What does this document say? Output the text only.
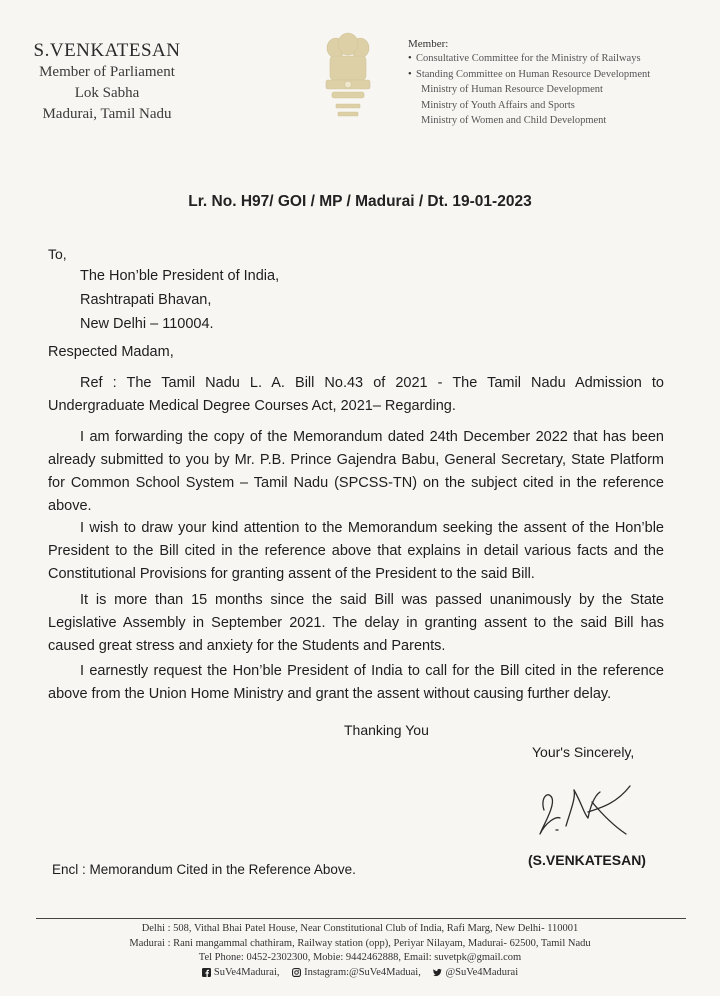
S.VENKATESAN
Member of Parliament
Lok Sabha
Madurai, Tamil Nadu
Member:
• Consultative Committee for the Ministry of Railways
• Standing Committee on Human Resource Development
Ministry of Human Resource Development
Ministry of Youth Affairs and Sports
Ministry of Women and Child Development
Lr. No. H97/ GOI / MP / Madurai / Dt. 19-01-2023
To,
The Hon’ble President of India,
Rashtrapati Bhavan,
New Delhi – 110004.
Respected Madam,
Ref : The Tamil Nadu L. A. Bill No.43 of 2021 - The Tamil Nadu Admission to Undergraduate Medical Degree Courses Act, 2021– Regarding.
I am forwarding the copy of the Memorandum dated 24th December 2022 that has been already submitted to you by Mr. P.B. Prince Gajendra Babu, General Secretary, State Platform for Common School System – Tamil Nadu (SPCSS-TN) on the subject cited in the reference above.
I wish to draw your kind attention to the Memorandum seeking the assent of the Hon’ble President to the Bill cited in the reference above that explains in detail various facts and the Constitutional Provisions for granting assent of the President to the said Bill.
It is more than 15 months since the said Bill was passed unanimously by the State Legislative Assembly in September 2021. The delay in granting assent to the said Bill has caused great stress and anxiety for the Students and Parents.
I earnestly request the Hon’ble President of India to call for the Bill cited in the reference above from the Union Home Ministry and grant the assent without causing further delay.
Thanking You
Your's Sincerely,
(S.VENKATESAN)
Encl : Memorandum Cited in the Reference Above.
Delhi : 508, Vithal Bhai Patel House, Near Constitutional Club of India, Rafi Marg, New Delhi- 110001
Madurai : Rani mangammal chathiram, Railway station (opp), Periyar Nilayam, Madurai- 62500, Tamil Nadu
Tel Phone: 0452-2302300, Mobie: 9442462888, Email: suvetpk@gmail.com
SuVe4Madurai,
Instagram:@SuVe4Maduai,
@SuVe4Madurai
